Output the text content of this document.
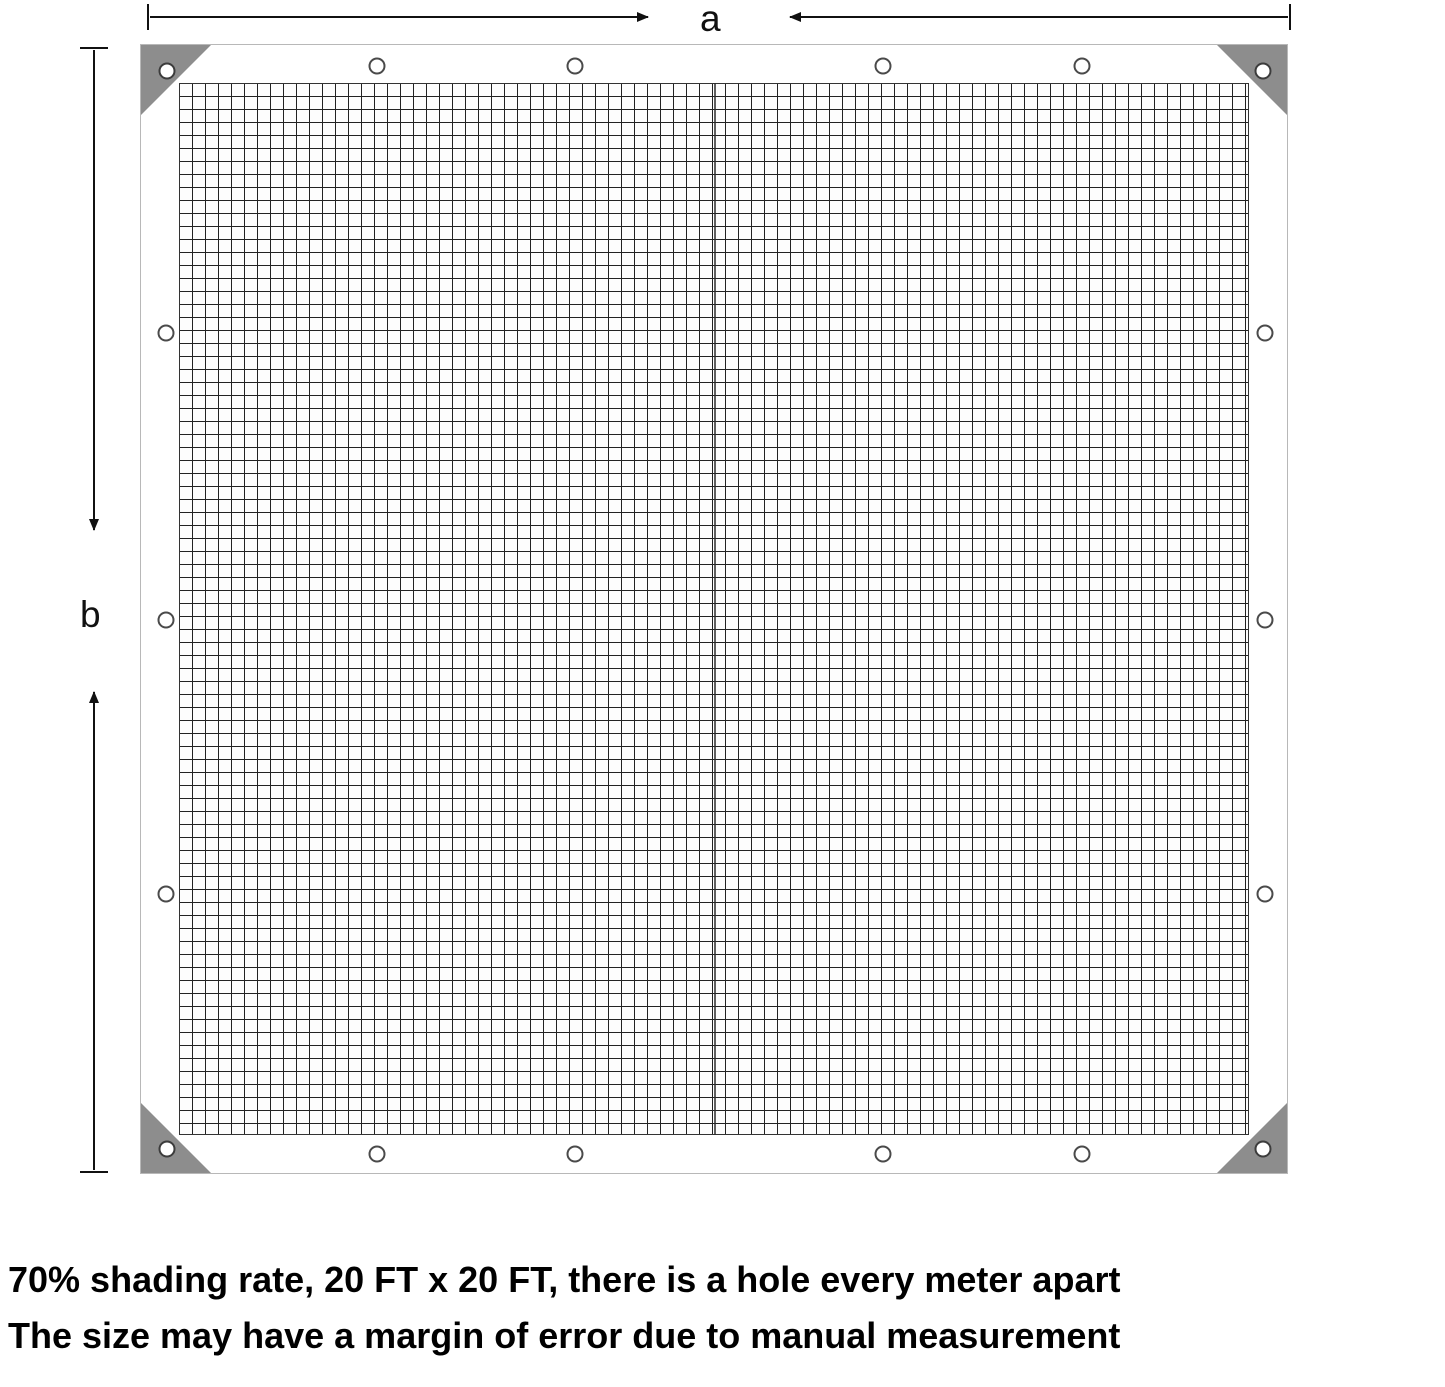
a
b
70% shading rate, 20 FT x 20 FT, there is a hole every meter apart
The size may have a margin of error due to manual measurement
